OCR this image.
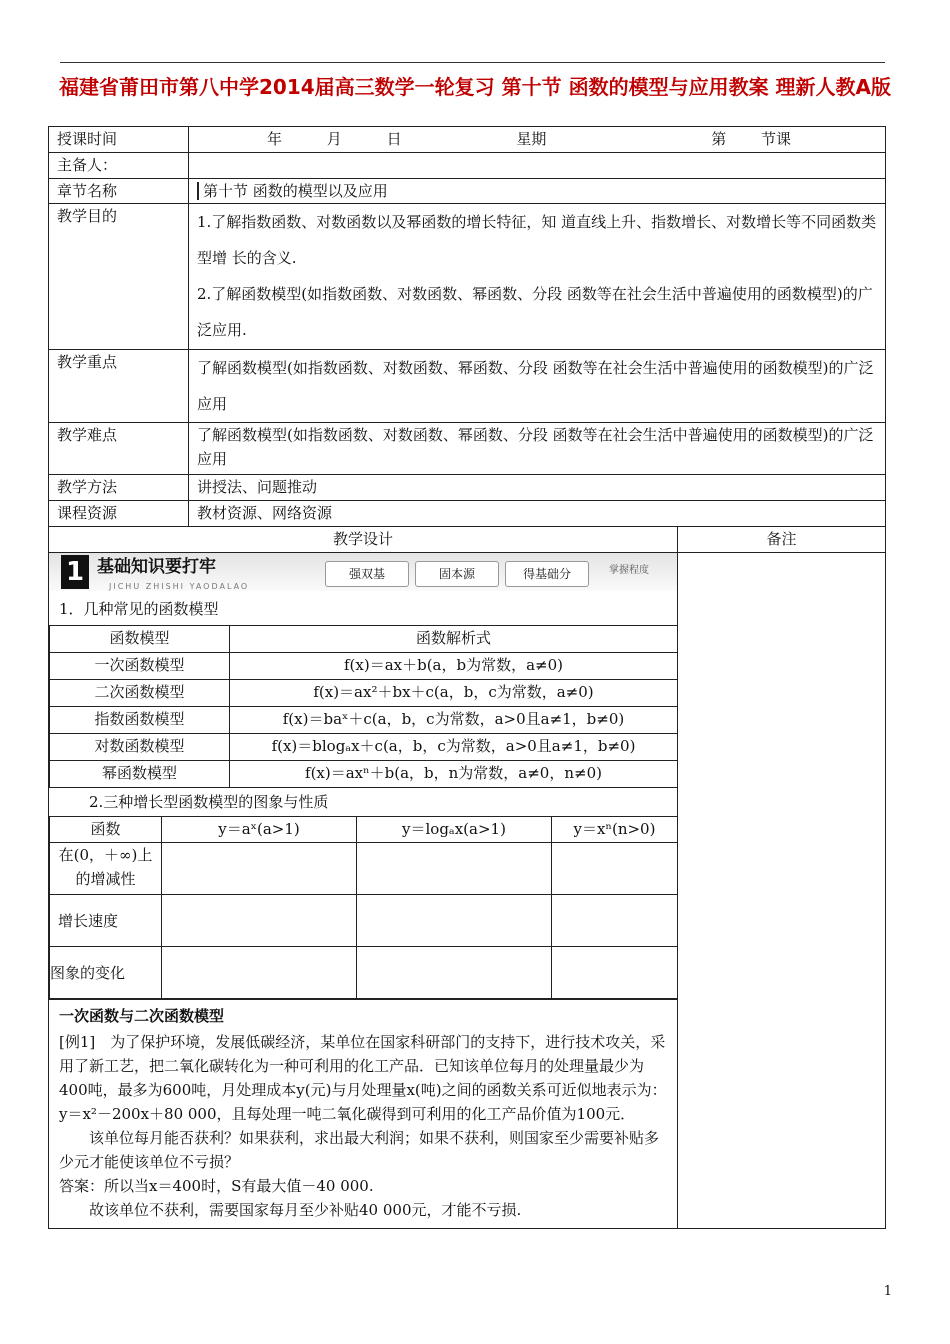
福建省莆田市第八中学2014届高三数学一轮复习 第十节 函数的模型与应用教案 理新人教A版
授课时间	年	月	日	星期	第 节课
主备人：	
章节名称	第十节 函数的模型以及应用
教学目的	1.了解指数函数、对数函数以及幂函数的增长特征，知 道直线上升、指数增长、对数增长等不同函数类型增 长的含义.
2.了解函数模型(如指数函数、对数函数、幂函数、分段 函数等在社会生活中普遍使用的函数模型)的广泛应用.

教学重点	了解函数模型(如指数函数、对数函数、幂函数、分段 函数等在社会生活中普遍使用的函数模型)的广泛应用
教学难点	了解函数模型(如指数函数、对数函数、幂函数、分段 函数等在社会生活中普遍使用的函数模型)的广泛应用
教学方法	讲授法、问题推动
课程资源	教材资源、网络资源
教学设计	备注

1 基础知识要打牢
JICHU ZHISHI YAODALAO
强双基	固本源	得基础分	掌握程度
1．几种常见的函数模型
函数模型	函数解析式
一次函数模型	f(x)＝ax＋b(a，b为常数，a≠0)
二次函数模型	f(x)＝ax²＋bx＋c(a，b，c为常数，a≠0)
指数函数模型	f(x)＝baˣ＋c(a，b，c为常数，a>0且a≠1，b≠0)
对数函数模型	f(x)＝blogₐx＋c(a，b，c为常数，a>0且a≠1，b≠0)
幂函数模型	f(x)＝axⁿ＋b(a，b，n为常数，a≠0，n≠0)
2.三种增长型函数模型的图象与性质
函数	y＝aˣ(a>1)	y＝logₐx(a>1)	y＝xⁿ(n>0)
在(0，＋∞)上的增减性			
增长速度			
图象的变化			
一次函数与二次函数模型
[例1]　为了保护环境，发展低碳经济，某单位在国家科研部门的支持下，进行技术攻关，采用了新工艺，把二氧化碳转化为一种可利用的化工产品．已知该单位每月的处理量最少为400吨，最多为600吨，月处理成本y(元)与月处理量x(吨)之间的函数关系可近似地表示为：y＝x²－200x＋80 000，且每处理一吨二氧化碳得到可利用的化工产品价值为100元．
该单位每月能否获利？如果获利，求出最大利润；如果不获利，则国家至少需要补贴多少元才能使该单位不亏损？
答案：所以当x＝400时，S有最大值－40 000.
故该单位不获利，需要国家每月至少补贴40 000元，才能不亏损.

1
